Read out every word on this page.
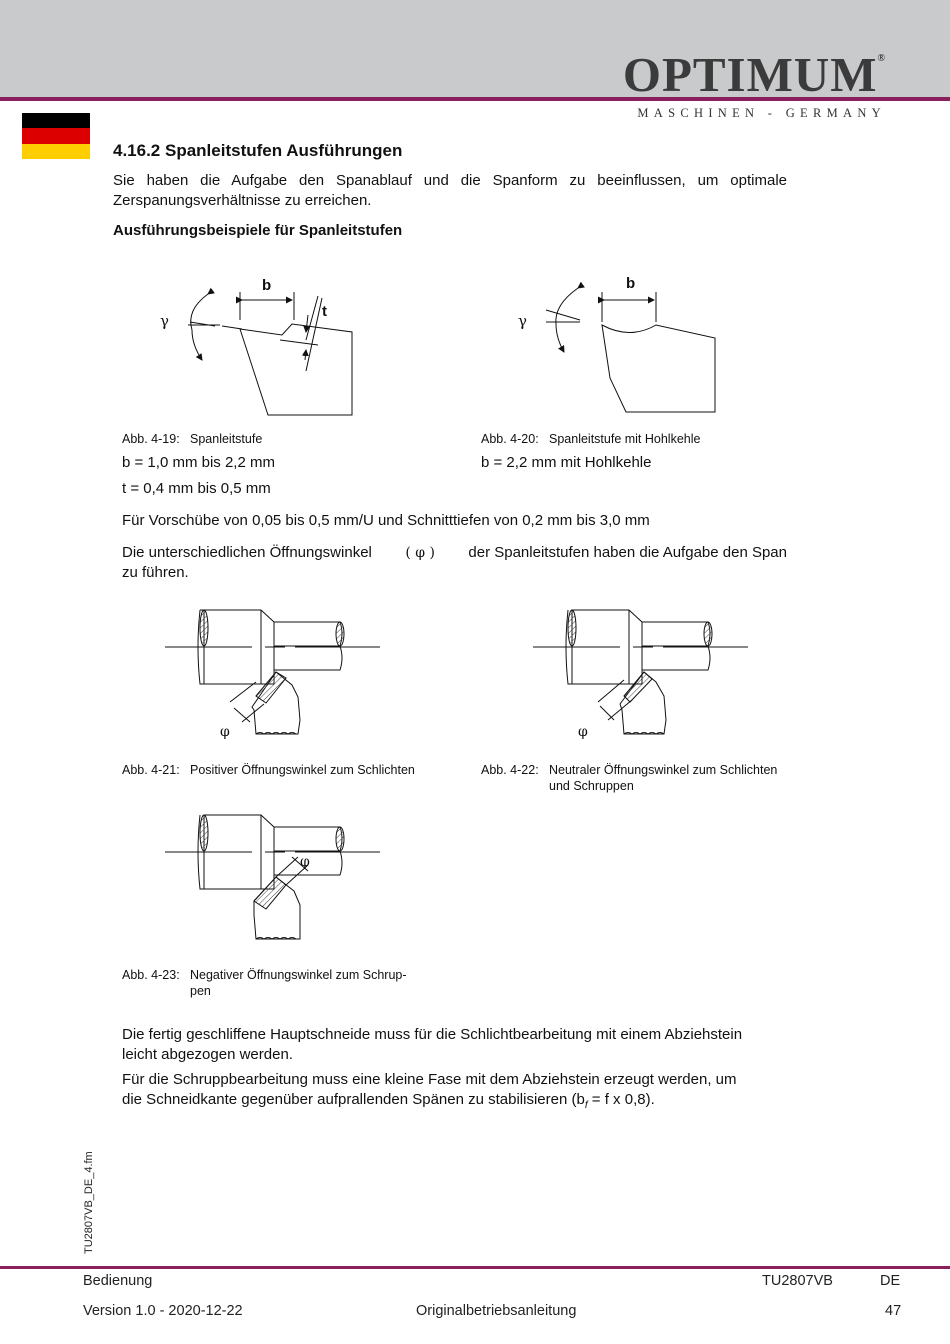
OPTIMUM®
MASCHINEN - GERMANY
4.16.2 Spanleitstufen Ausführungen
Sie haben die Aufgabe den Spanablauf und die Spanform zu beeinflussen, um optimale Zerspanungsverhältnisse zu erreichen.
Ausführungsbeispiele für Spanleitstufen
γ
b
t
Abb. 4-19: Spanleitstufe
b = 1,0 mm bis 2,2 mm
t = 0,4 mm bis 0,5 mm
γ
b
Abb. 4-20: Spanleitstufe mit Hohlkehle
b = 2,2 mm mit Hohlkehle
Für Vorschübe von 0,05 bis 0,5 mm/U und Schnitttiefen von 0,2 mm bis 3,0 mm
Die unterschiedlichen Öffnungswinkel ( φ ) der Spanleitstufen haben die Aufgabe den Span
zu führen.
φ
Abb. 4-21: Positiver Öffnungswinkel zum Schlichten
φ
Abb. 4-22: Neutraler Öffnungswinkel zum Schlichten
und Schruppen
φ
Abb. 4-23: Negativer Öffnungswinkel zum Schrup-
pen
Die fertig geschliffene Hauptschneide muss für die Schlichtbearbeitung mit einem Abziehstein
leicht abgezogen werden.
Für die Schruppbearbeitung muss eine kleine Fase mit dem Abziehstein erzeugt werden, um
die Schneidkante gegenüber aufprallenden Spänen zu stabilisieren ($b_f = f$ x 0,8).
TU2807VB_DE_4.fm
Bedienung	TU2807VB	DE
Version 1.0 - 2020-12-22	Originalbetriebsanleitung	47
